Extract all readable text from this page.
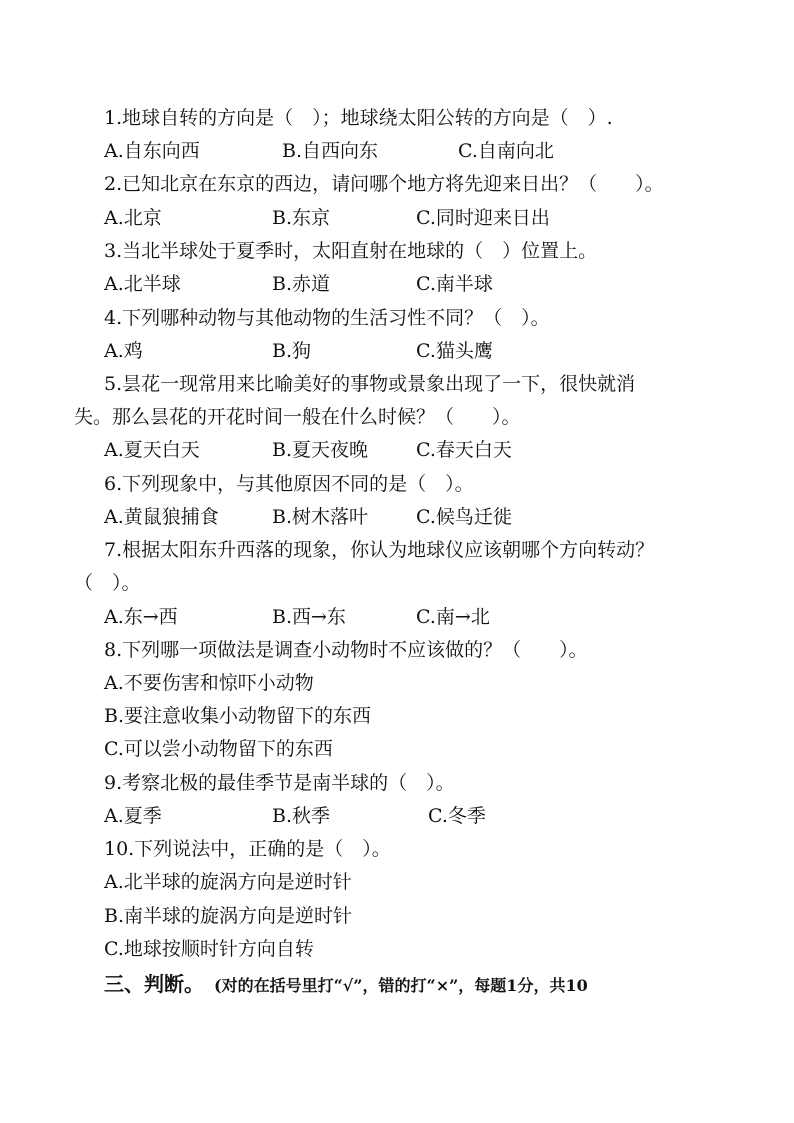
1.地球自转的方向是（　）；地球绕太阳公转的方向是（　）.
A.自东向西	B.自西向东	C.自南向北
2.已知北京在东京的西边，请问哪个地方将先迎来日出？（　　）。
A.北京	B.东京	C.同时迎来日出
3.当北半球处于夏季时，太阳直射在地球的（　）位置上。
A.北半球	B.赤道	C.南半球
4.下列哪种动物与其他动物的生活习性不同？（　）。
A.鸡	B.狗	C.猫头鹰
5.昙花一现常用来比喻美好的事物或景象出现了一下，很快就消
失。那么昙花的开花时间一般在什么时候？（　　）。
A.夏天白天	B.夏天夜晚	C.春天白天
6.下列现象中，与其他原因不同的是（　）。
A.黄鼠狼捕食	B.树木落叶	C.候鸟迁徙
7.根据太阳东升西落的现象，你认为地球仪应该朝哪个方向转动？
（　）。
A.东→西	B.西→东	C.南→北
8.下列哪一项做法是调查小动物时不应该做的？（　　）。
A.不要伤害和惊吓小动物
B.要注意收集小动物留下的东西
C.可以尝小动物留下的东西
9.考察北极的最佳季节是南半球的（　）。
A.夏季	B.秋季	C.冬季
10.下列说法中，正确的是（　）。
A.北半球的旋涡方向是逆时针
B.南半球的旋涡方向是逆时针
C.地球按顺时针方向自转
三、判断。 (对的在括号里打“√”，错的打“×”，每题1分，共10
